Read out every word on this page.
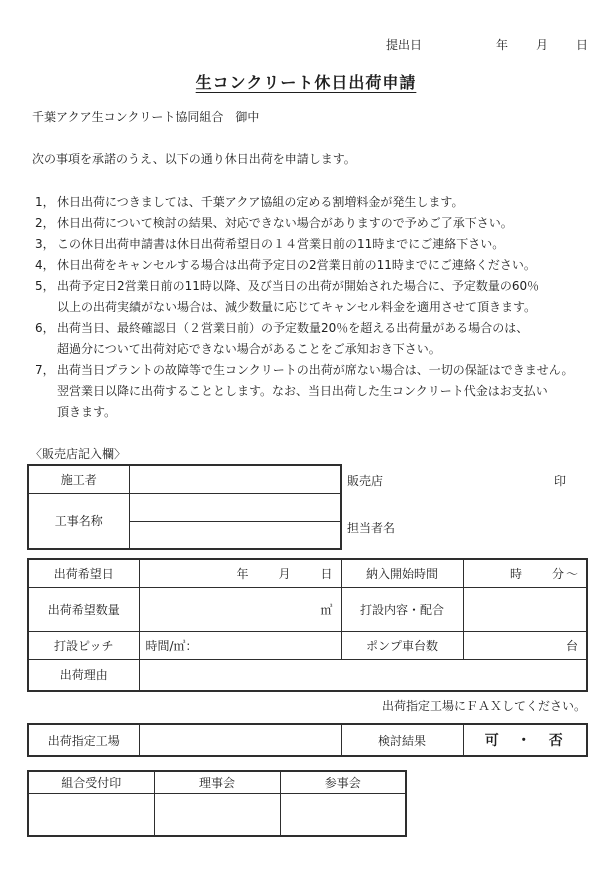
提出日	年 月 日
生コンクリート休日出荷申請
千葉アクア生コンクリート協同組合　御中
次の事項を承諾のうえ、以下の通り休日出荷を申請します。
1， 休日出荷につきましては、千葉アクア協組の定める割増料金が発生します。
2， 休日出荷について検討の結果、対応できない場合がありますので予めご了承下さい。
3， この休日出荷申請書は休日出荷希望日の１４営業日前の11時までにご連絡下さい。
4， 休日出荷をキャンセルする場合は出荷予定日の2営業日前の11時までにご連絡ください。
5， 出荷予定日2営業日前の11時以降、及び当日の出荷が開始された場合に、予定数量の60％
以上の出荷実績がない場合は、減少数量に応じてキャンセル料金を適用させて頂きます。
6， 出荷当日、最終確認日（２営業日前）の予定数量20％を超える出荷量がある場合のは、
超過分について出荷対応できない場合があることをご承知おき下さい。
7， 出荷当日プラントの故障等で生コンクリートの出荷が席ない場合は、一切の保証はできません。
翌営業日以降に出荷することとします。なお、当日出荷した生コンクリート代金はお支払い
頂きます。
〈販売店記入欄〉
施工者	
工事名称	

販売店	印
担当者名
出荷希望日	年　　月　　日	納入開始時間	時　　分～
出荷希望数量	㎥	打設内容・配合	
打設ピッチ	時間/㎥：	ポンプ車台数	台
出荷理由			
出荷指定工場にＦＡＸしてください。
出荷指定工場		検討結果	可　・　否
組合受付印	理事会	参事会
